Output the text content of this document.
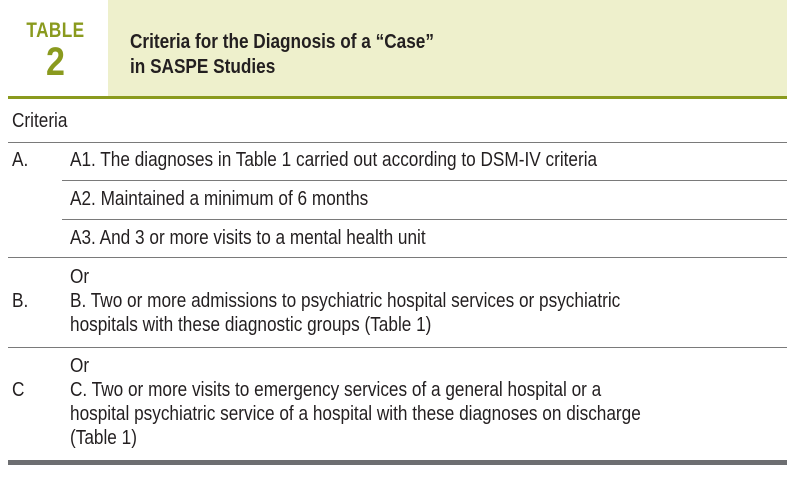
TABLE
2	Criteria for the Diagnosis of a “Case”
in SASPE Studies
Criteria
A. A1. The diagnoses in Table 1 carried out according to DSM-IV criteria
A2. Maintained a minimum of 6 months
A3. And 3 or more visits to a mental health unit
B.
Or
B. Two or more admissions to psychiatric hospital services or psychiatric
hospitals with these diagnostic groups (Table 1)
C
Or
C. Two or more visits to emergency services of a general hospital or a
hospital psychiatric service of a hospital with these diagnoses on discharge
(Table 1)
